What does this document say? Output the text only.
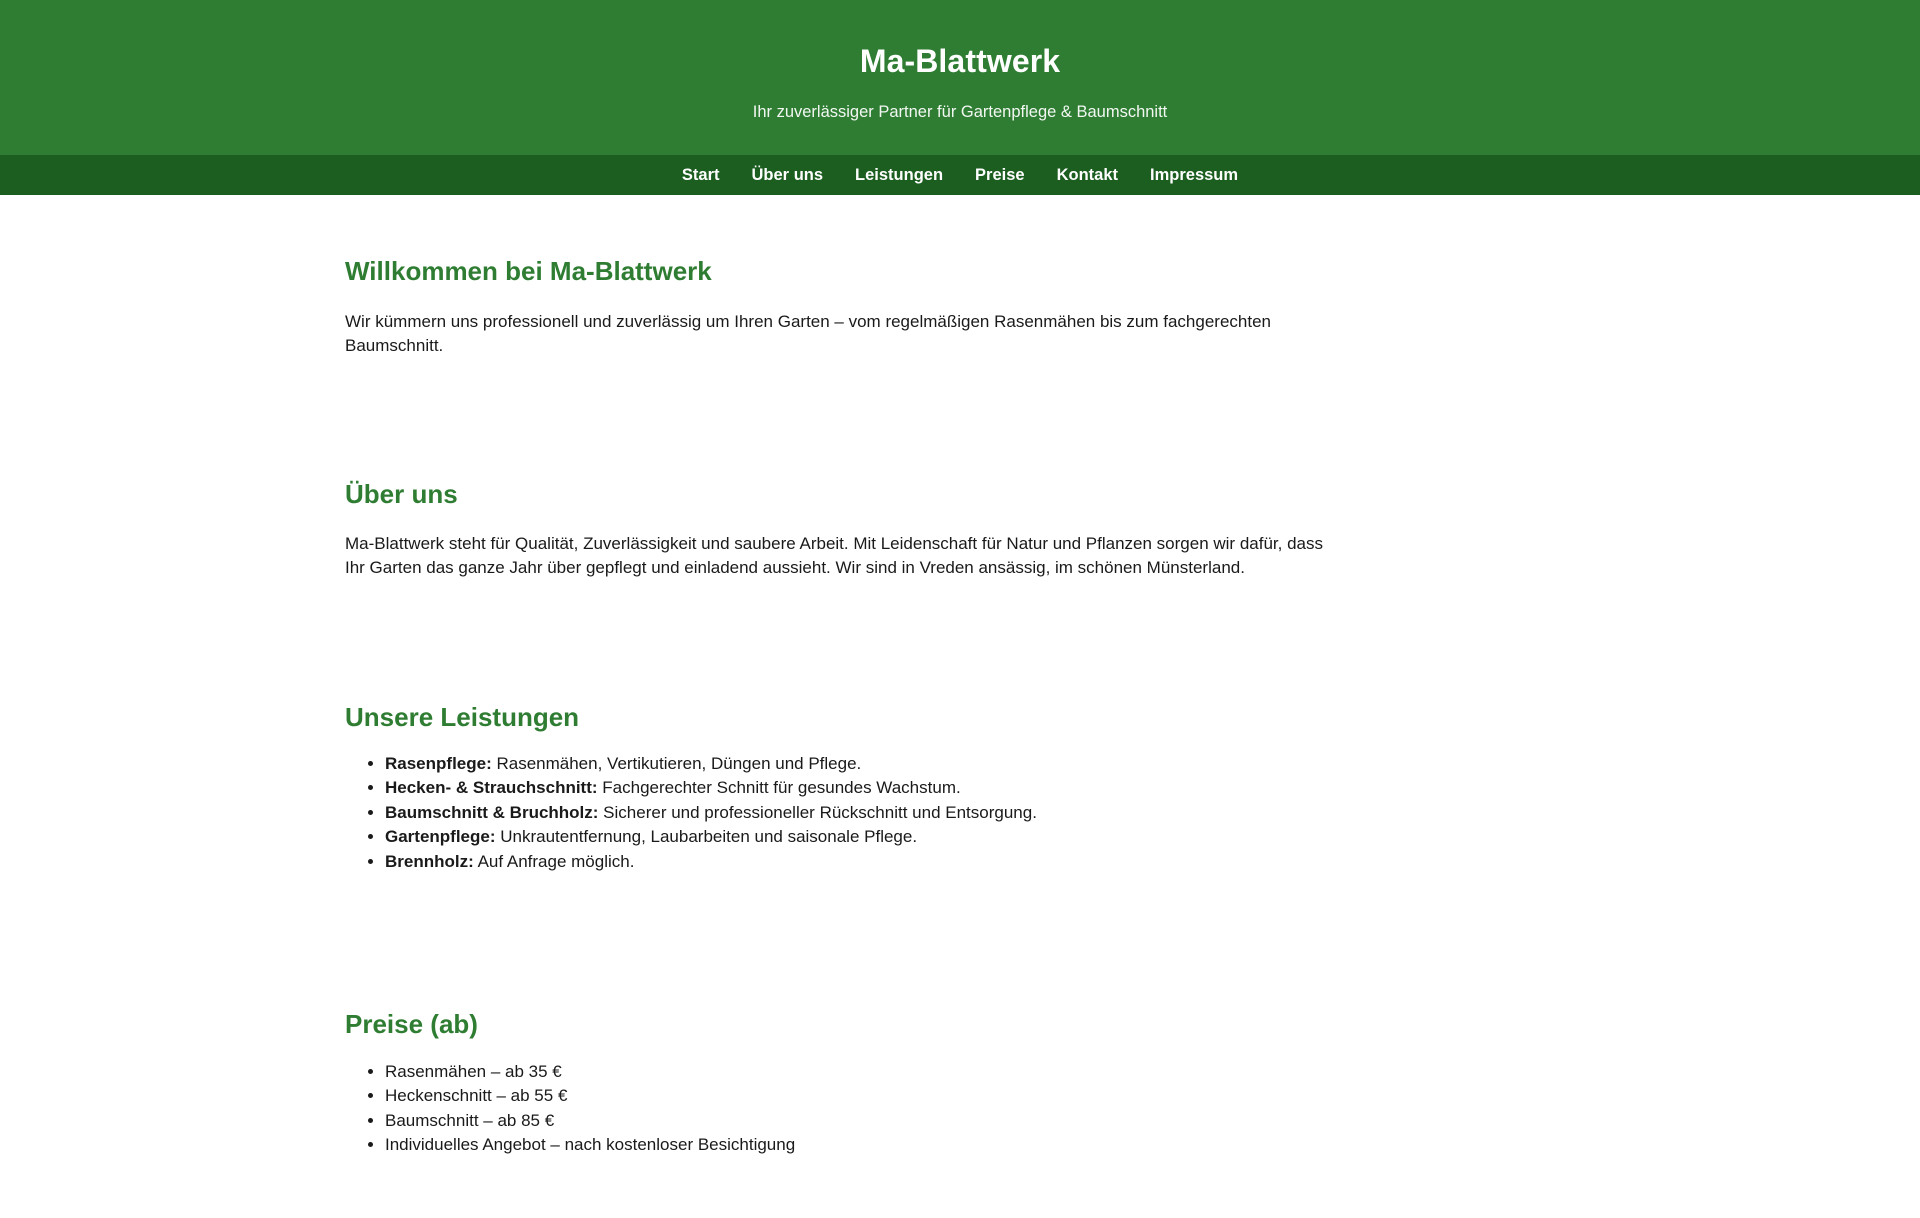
Ma-Blattwerk

Ihr zuverlässiger Partner für Gartenpflege & Baumschnitt

Start	Über uns	Leistungen	Preise	Kontakt	Impressum
Willkommen bei Ma-Blattwerk

Wir kümmern uns professionell und zuverlässig um Ihren Garten – vom regelmäßigen Rasenmähen bis zum fachgerechten Baumschnitt.

Über uns

Ma-Blattwerk steht für Qualität, Zuverlässigkeit und saubere Arbeit. Mit Leidenschaft für Natur und Pflanzen sorgen wir dafür, dass Ihr Garten das ganze Jahr über gepflegt und einladend aussieht. Wir sind in Vreden ansässig, im schönen Münsterland.

Unsere Leistungen
• Rasenpflege: Rasenmähen, Vertikutieren, Düngen und Pflege.
• Hecken- & Strauchschnitt: Fachgerechter Schnitt für gesundes Wachstum.
• Baumschnitt & Bruchholz: Sicherer und professioneller Rückschnitt und Entsorgung.
• Gartenpflege: Unkrautentfernung, Laubarbeiten und saisonale Pflege.
• Brennholz: Auf Anfrage möglich.
Preise (ab)
• Rasenmähen – ab 35 €
• Heckenschnitt – ab 55 €
• Baumschnitt – ab 85 €
• Individuelles Angebot – nach kostenloser Besichtigung
